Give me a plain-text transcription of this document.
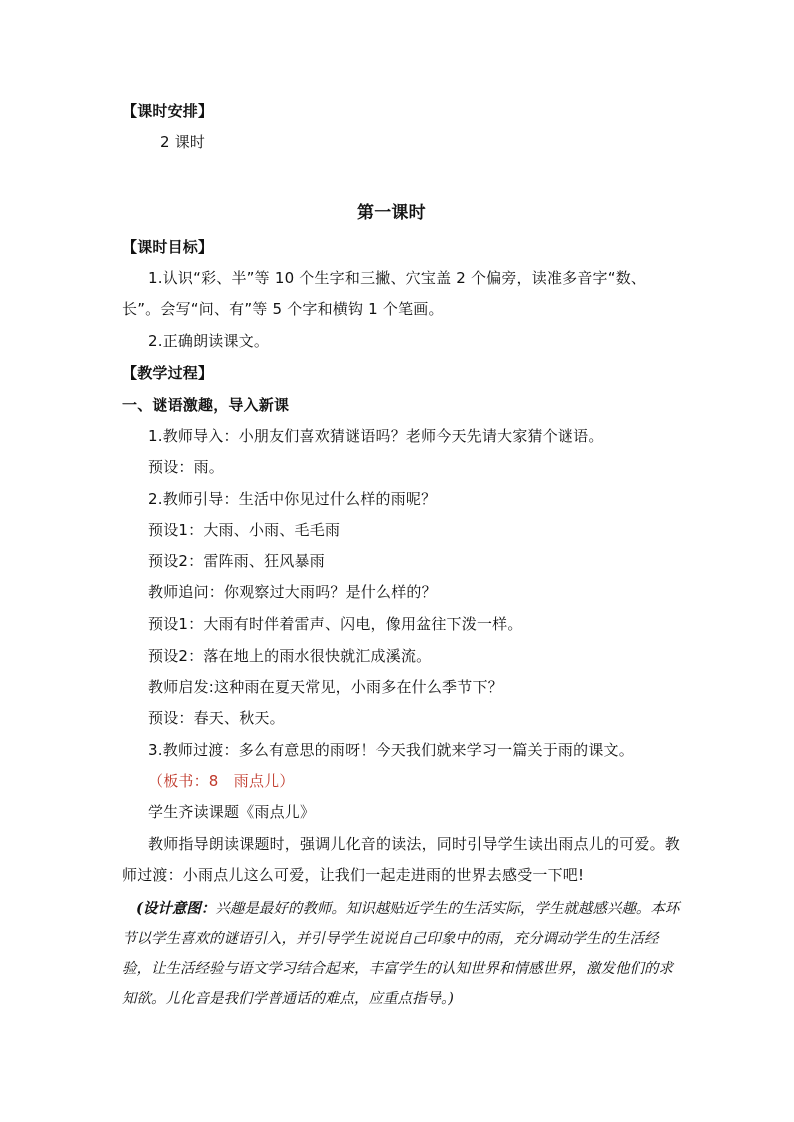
【课时安排】
2 课时
第一课时
【课时目标】
1.认识“彩、半”等 10 个生字和三撇、穴宝盖 2 个偏旁，读准多音字“数、
长”。会写“问、有”等 5 个字和横钩 1 个笔画。
2.正确朗读课文。
【教学过程】
一、谜语激趣，导入新课
1.教师导入：小朋友们喜欢猜谜语吗？老师今天先请大家猜个谜语。
预设：雨。
2.教师引导：生活中你见过什么样的雨呢？
预设1：大雨、小雨、毛毛雨
预设2：雷阵雨、狂风暴雨
教师追问：你观察过大雨吗？是什么样的？
预设1：大雨有时伴着雷声、闪电，像用盆往下泼一样。
预设2：落在地上的雨水很快就汇成溪流。
教师启发:这种雨在夏天常见，小雨多在什么季节下？
预设：春天、秋天。
3.教师过渡：多么有意思的雨呀！今天我们就来学习一篇关于雨的课文。
（板书：8　雨点儿）
学生齐读课题《雨点儿》
教师指导朗读课题时，强调儿化音的读法，同时引导学生读出雨点儿的可爱。教
师过渡：小雨点儿这么可爱，让我们一起走进雨的世界去感受一下吧!
(设计意图：兴趣是最好的教师。知识越贴近学生的生活实际，学生就越感兴趣。本环节以学生喜欢的谜语引入，并引导学生说说自己印象中的雨，充分调动学生的生活经验，让生活经验与语文学习结合起来，丰富学生的认知世界和情感世界，激发他们的求知欲。儿化音是我们学普通话的难点，应重点指导。)
